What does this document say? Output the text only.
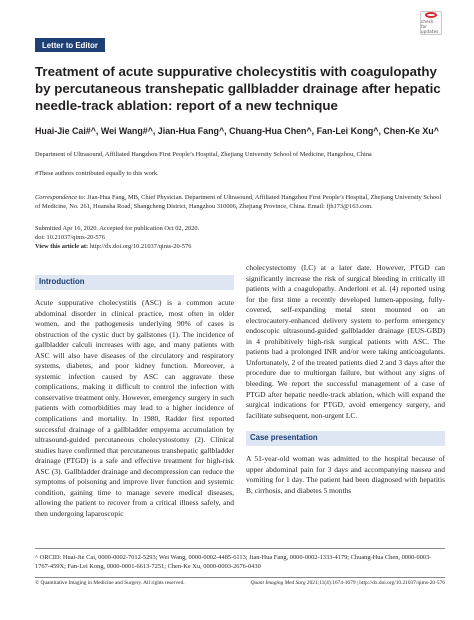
check for updates
Letter to Editor
Treatment of acute suppurative cholecystitis with coagulopathy by percutaneous transhepatic gallbladder drainage after hepatic needle-track ablation: report of a new technique
Huai-Jie Cai#^, Wei Wang#^, Jian-Hua Fang^, Chuang-Hua Chen^, Fan-Lei Kong^, Chen-Ke Xu^
Department of Ultrasound, Affiliated Hangzhou First People’s Hospital, Zhejiang University School of Medicine, Hangzhou, China
#These authors contributed equally to this work.
Correspondence to: Jian-Hua Fang, MB, Chief Physician. Department of Ultrasound, Affiliated Hangzhou First People’s Hospital, Zhejiang University School of Medicine, No. 261, Huansha Road, Shangcheng District, Hangzhou 310006, Zhejiang Province, China. Email: fjh173@163.com.
Submitted Apr 16, 2020. Accepted for publication Oct 02, 2020.
doi: 10.21037/qims-20-576
View this article at: http://dx.doi.org/10.21037/qims-20-576
Introduction

Acute suppurative cholecystitis (ASC) is a common acute abdominal disorder in clinical practice, most often in older women, and the pathogenesis underlying 90% of cases is obstruction of the cystic duct by gallstones (1). The incidence of gallbladder calculi increases with age, and many patients with ASC will also have diseases of the circulatory and respiratory systems, diabetes, and poor kidney function. Moreover, a systemic infection caused by ASC can aggravate these complications, making it difficult to control the infection with conservative treatment only. However, emergency surgery in such patients with comorbidities may lead to a higher incidence of complications and mortality. In 1980, Radder first reported successful drainage of a gallbladder empyema accumulation by ultrasound-guided percutaneous cholecystostomy (2). Clinical studies have confirmed that percutaneous transhepatic gallbladder drainage (PTGD) is a safe and effective treatment for high-risk ASC (3). Gallbladder drainage and decompression can reduce the symptoms of poisoning and improve liver function and systemic condition, gaining time to manage severe medical diseases, allowing the patient to recover from a critical illness safely, and then undergoing laparoscopic

cholecystectomy (LC) at a later date. However, PTGD can significantly increase the risk of surgical bleeding in critically ill patients with a coagulopathy. Anderloni et al. (4) reported using for the first time a recently developed lumen-apposing, fully-covered, self-expanding metal stent mounted on an electrocautery-enhanced delivery system to perform emergency endoscopic ultrasound-guided gallbladder drainage (EUS-GBD) in 4 prohibitively high-risk surgical patients with ASC. The patients had a prolonged INR and/or were taking anticoagulants. Unfortunately, 2 of the treated patients died 2 and 3 days after the procedure due to multiorgan failure, but without any signs of bleeding. We report the successful management of a case of PTGD after hepatic needle-track ablation, which will expand the surgical indications for PTGD, avoid emergency surgery, and facilitate subsequent, non-urgent LC.

Case presentation

A 51-year-old woman was admitted to the hospital because of upper abdominal pain for 3 days and accompanying nausea and vomiting for 1 day. The patient had been diagnosed with hepatitis B, cirrhosis, and diabetes 5 months

^ ORCID: Huai-Jie Cai, 0000-0002-7012-5293; Wei Wang, 0000-0002-4485-6113; Jian-Hua Fang, 0000-0002-1333-4179; Chuang-Hua Chen, 0000-0003-1767-459X; Fan-Lei Kong, 0000-0001-6613-7251; Chen-Ke Xu, 0000-0003-2676-0430
© Quantitative Imaging in Medicine and Surgery. All rights reserved.	Quant Imaging Med Surg 2021;11(4):1674-1679 | http://dx.doi.org/10.21037/qims-20-576
